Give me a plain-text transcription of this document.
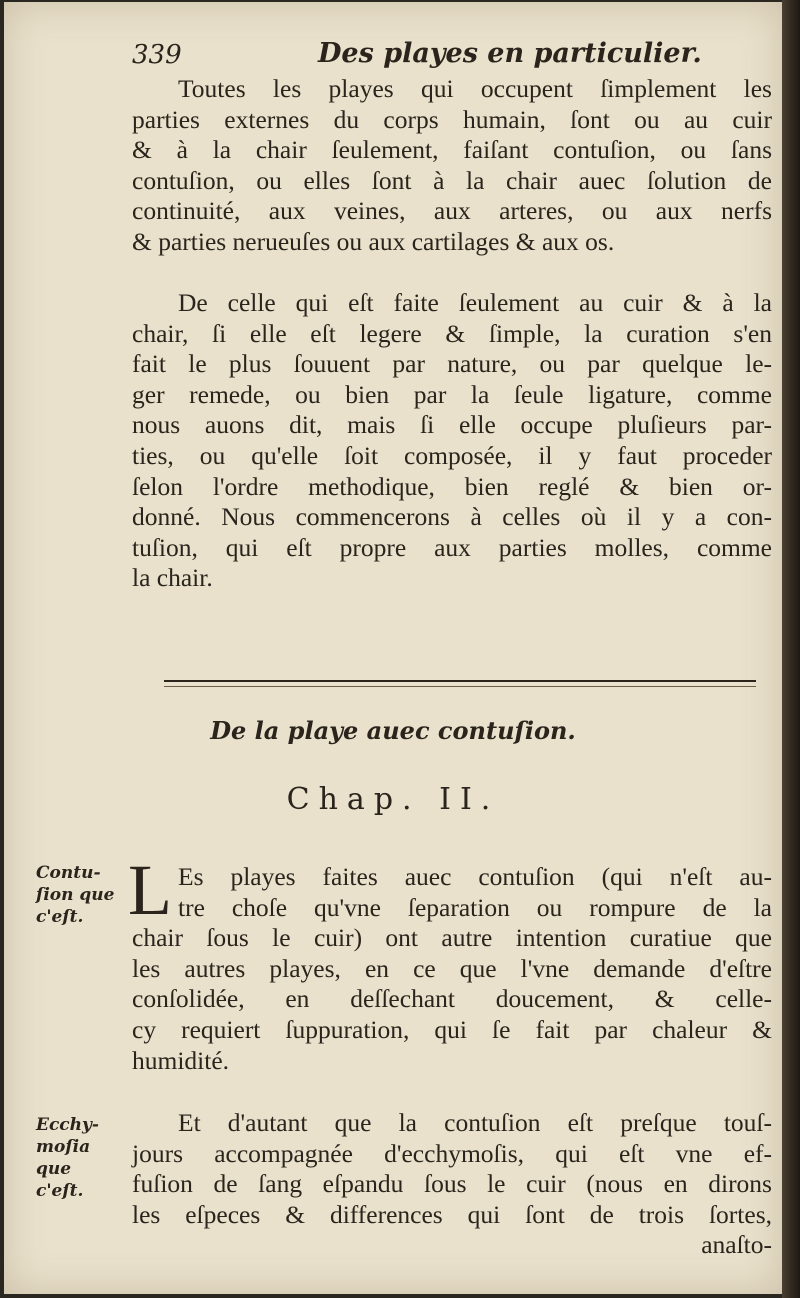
339	Des playes en particulier.
Toutes les playes qui occupent ſimplement les
parties externes du corps humain, ſont ou au cuir
& à la chair ſeulement, faiſant contuſion, ou ſans
contuſion, ou elles ſont à la chair auec ſolution de
continuité, aux veines, aux arteres, ou aux nerfs
& parties nerueuſes ou aux cartilages & aux os.
De celle qui eſt faite ſeulement au cuir & à la
chair, ſi elle eſt legere & ſimple, la curation s'en
fait le plus ſouuent par nature, ou par quelque le-
ger remede, ou bien par la ſeule ligature, comme
nous auons dit, mais ſi elle occupe pluſieurs par-
ties, ou qu'elle ſoit composée, il y faut proceder
ſelon l'ordre methodique, bien reglé & bien or-
donné. Nous commencerons à celles où il y a con-
tuſion, qui eſt propre aux parties molles, comme
la chair.
De la playe auec contuſion.
Chap. II.
Contu-
ſion que
c'eſt. L Es playes faites auec contuſion (qui n'eſt au-
tre choſe qu'vne ſeparation ou rompure de la
chair ſous le cuir) ont autre intention curatiue que
les autres playes, en ce que l'vne demande d'eſtre
conſolidée, en deſſechant doucement, & celle-
cy requiert ſuppuration, qui ſe fait par chaleur &
humidité.
Ecchy-
moſia que
c'eſt.
Et d'autant que la contuſion eſt preſque touſ-
jours accompagnée d'ecchymoſis, qui eſt vne ef-
fuſion de ſang eſpandu ſous le cuir (nous en dirons
les eſpeces & differences qui ſont de trois ſortes,
anaſto-
